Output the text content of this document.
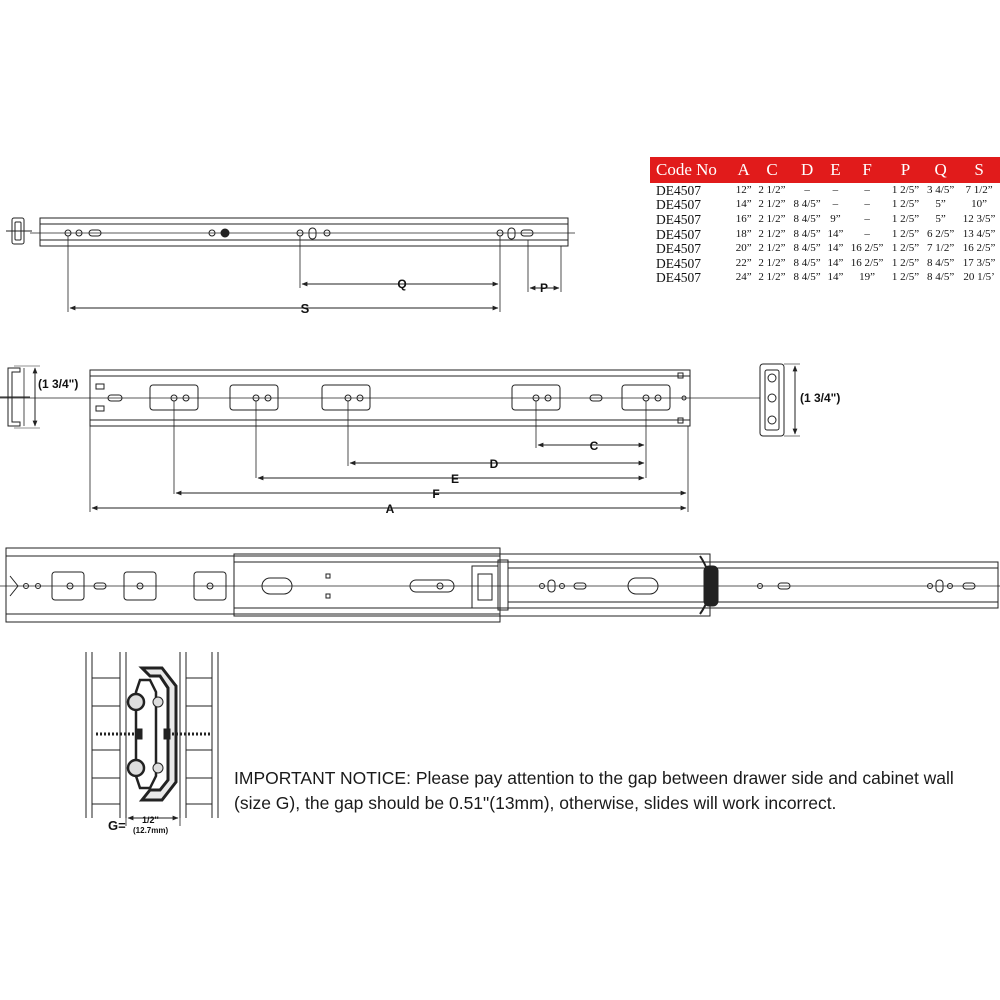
Q
S
P
(1 3/4")
(1 3/4")
C
D
E
F
A
G= 1/2''
(12.7mm)
Code No	A	C	D	E	F	P	Q	S
DE4507	12”	2 1/2”	–	–	–	1 2/5”	3 4/5”	7 1/2”
DE4507	14”	2 1/2”	8 4/5”	–	–	1 2/5”	5”	10”
DE4507	16”	2 1/2”	8 4/5”	9”	–	1 2/5”	5”	12 3/5”
DE4507	18”	2 1/2”	8 4/5”	14”	–	1 2/5”	6 2/5”	13 4/5”
DE4507	20”	2 1/2”	8 4/5”	14”	16 2/5”	1 2/5”	7 1/2”	16 2/5”
DE4507	22”	2 1/2”	8 4/5”	14”	16 2/5”	1 2/5”	8 4/5”	17 3/5”
DE4507	24”	2 1/2”	8 4/5”	14”	19”	1 2/5”	8 4/5”	20 1/5’

IMPORTANT NOTICE: Please pay attention to the gap between drawer side and cabinet wall (size G), the gap should be 0.51"(13mm), otherwise, slides will work incorrect.
